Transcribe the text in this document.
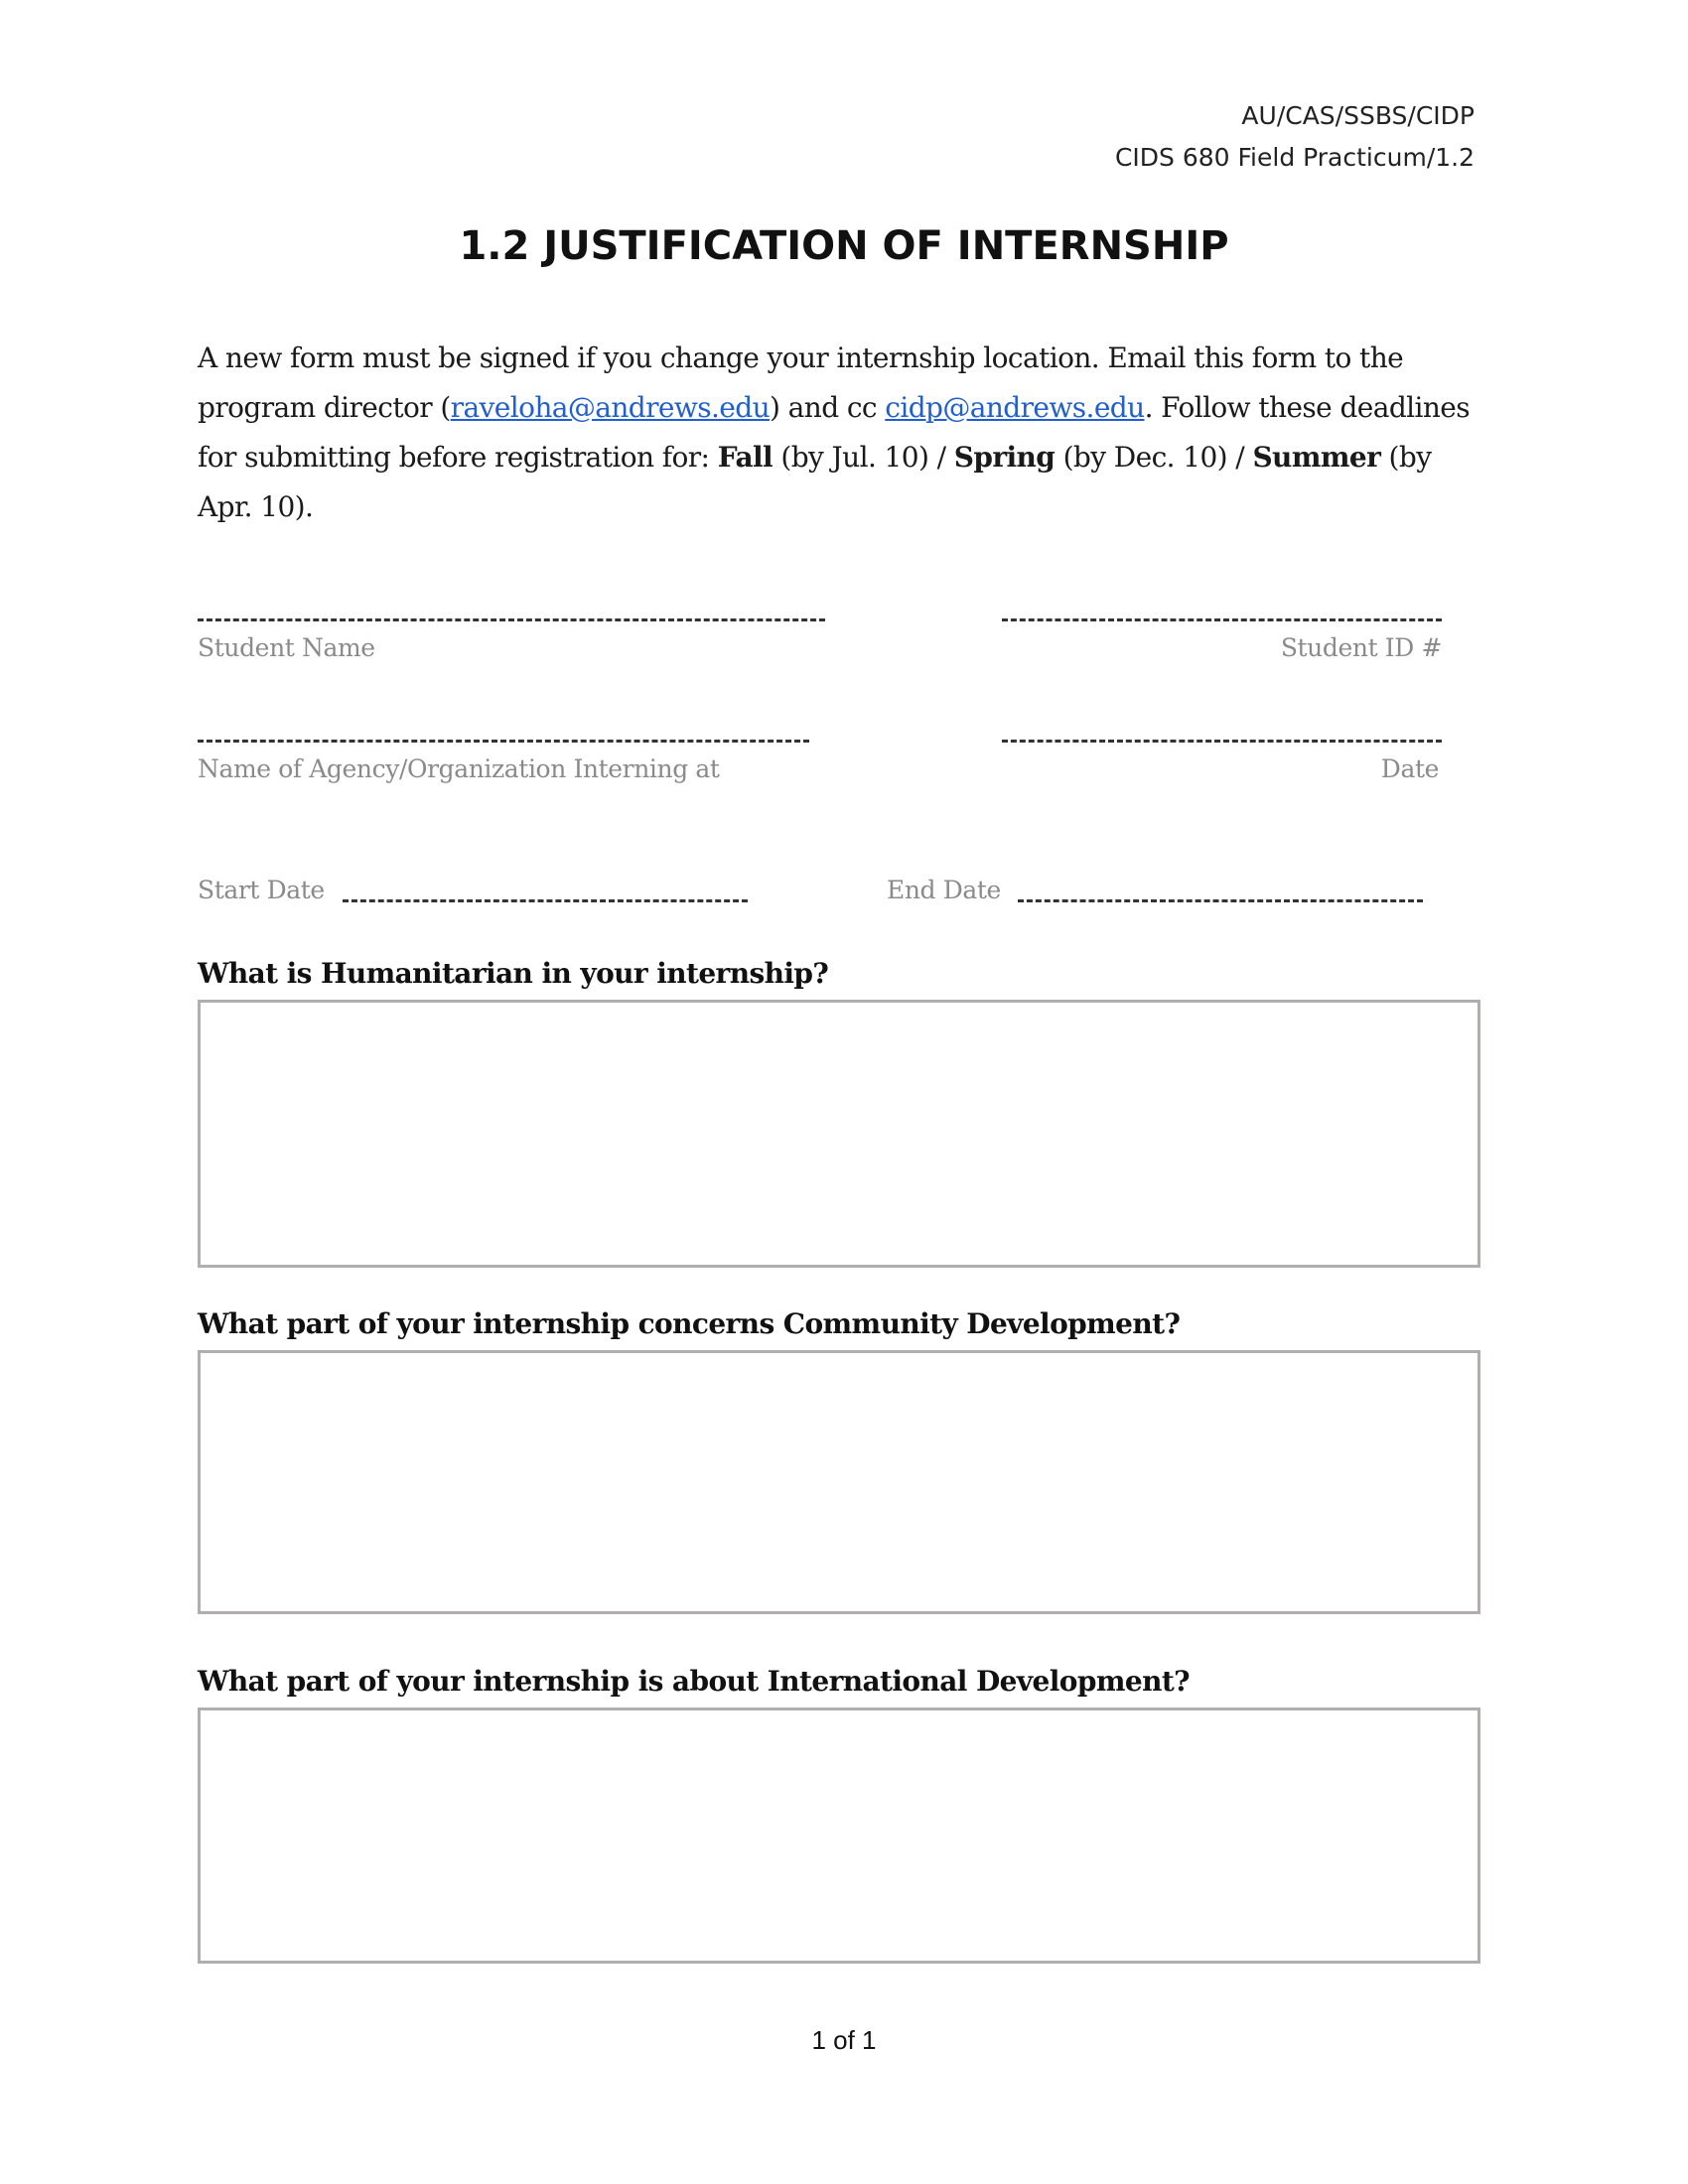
AU/CAS/SSBS/CIDP
CIDS 680 Field Practicum/1.2
1.2 JUSTIFICATION OF INTERNSHIP
A new form must be signed if you change your internship location. Email this form to the program director (raveloha@andrews.edu) and cc cidp@andrews.edu. Follow these deadlines for submitting before registration for: Fall (by Jul. 10) / Spring (by Dec. 10) / Summer (by Apr. 10).
Student Name	Student ID #
Name of Agency/Organization Interning at	Date
Start Date	End Date
What is Humanitarian in your internship?
What part of your internship concerns Community Development?
What part of your internship is about International Development?
1 of 1
